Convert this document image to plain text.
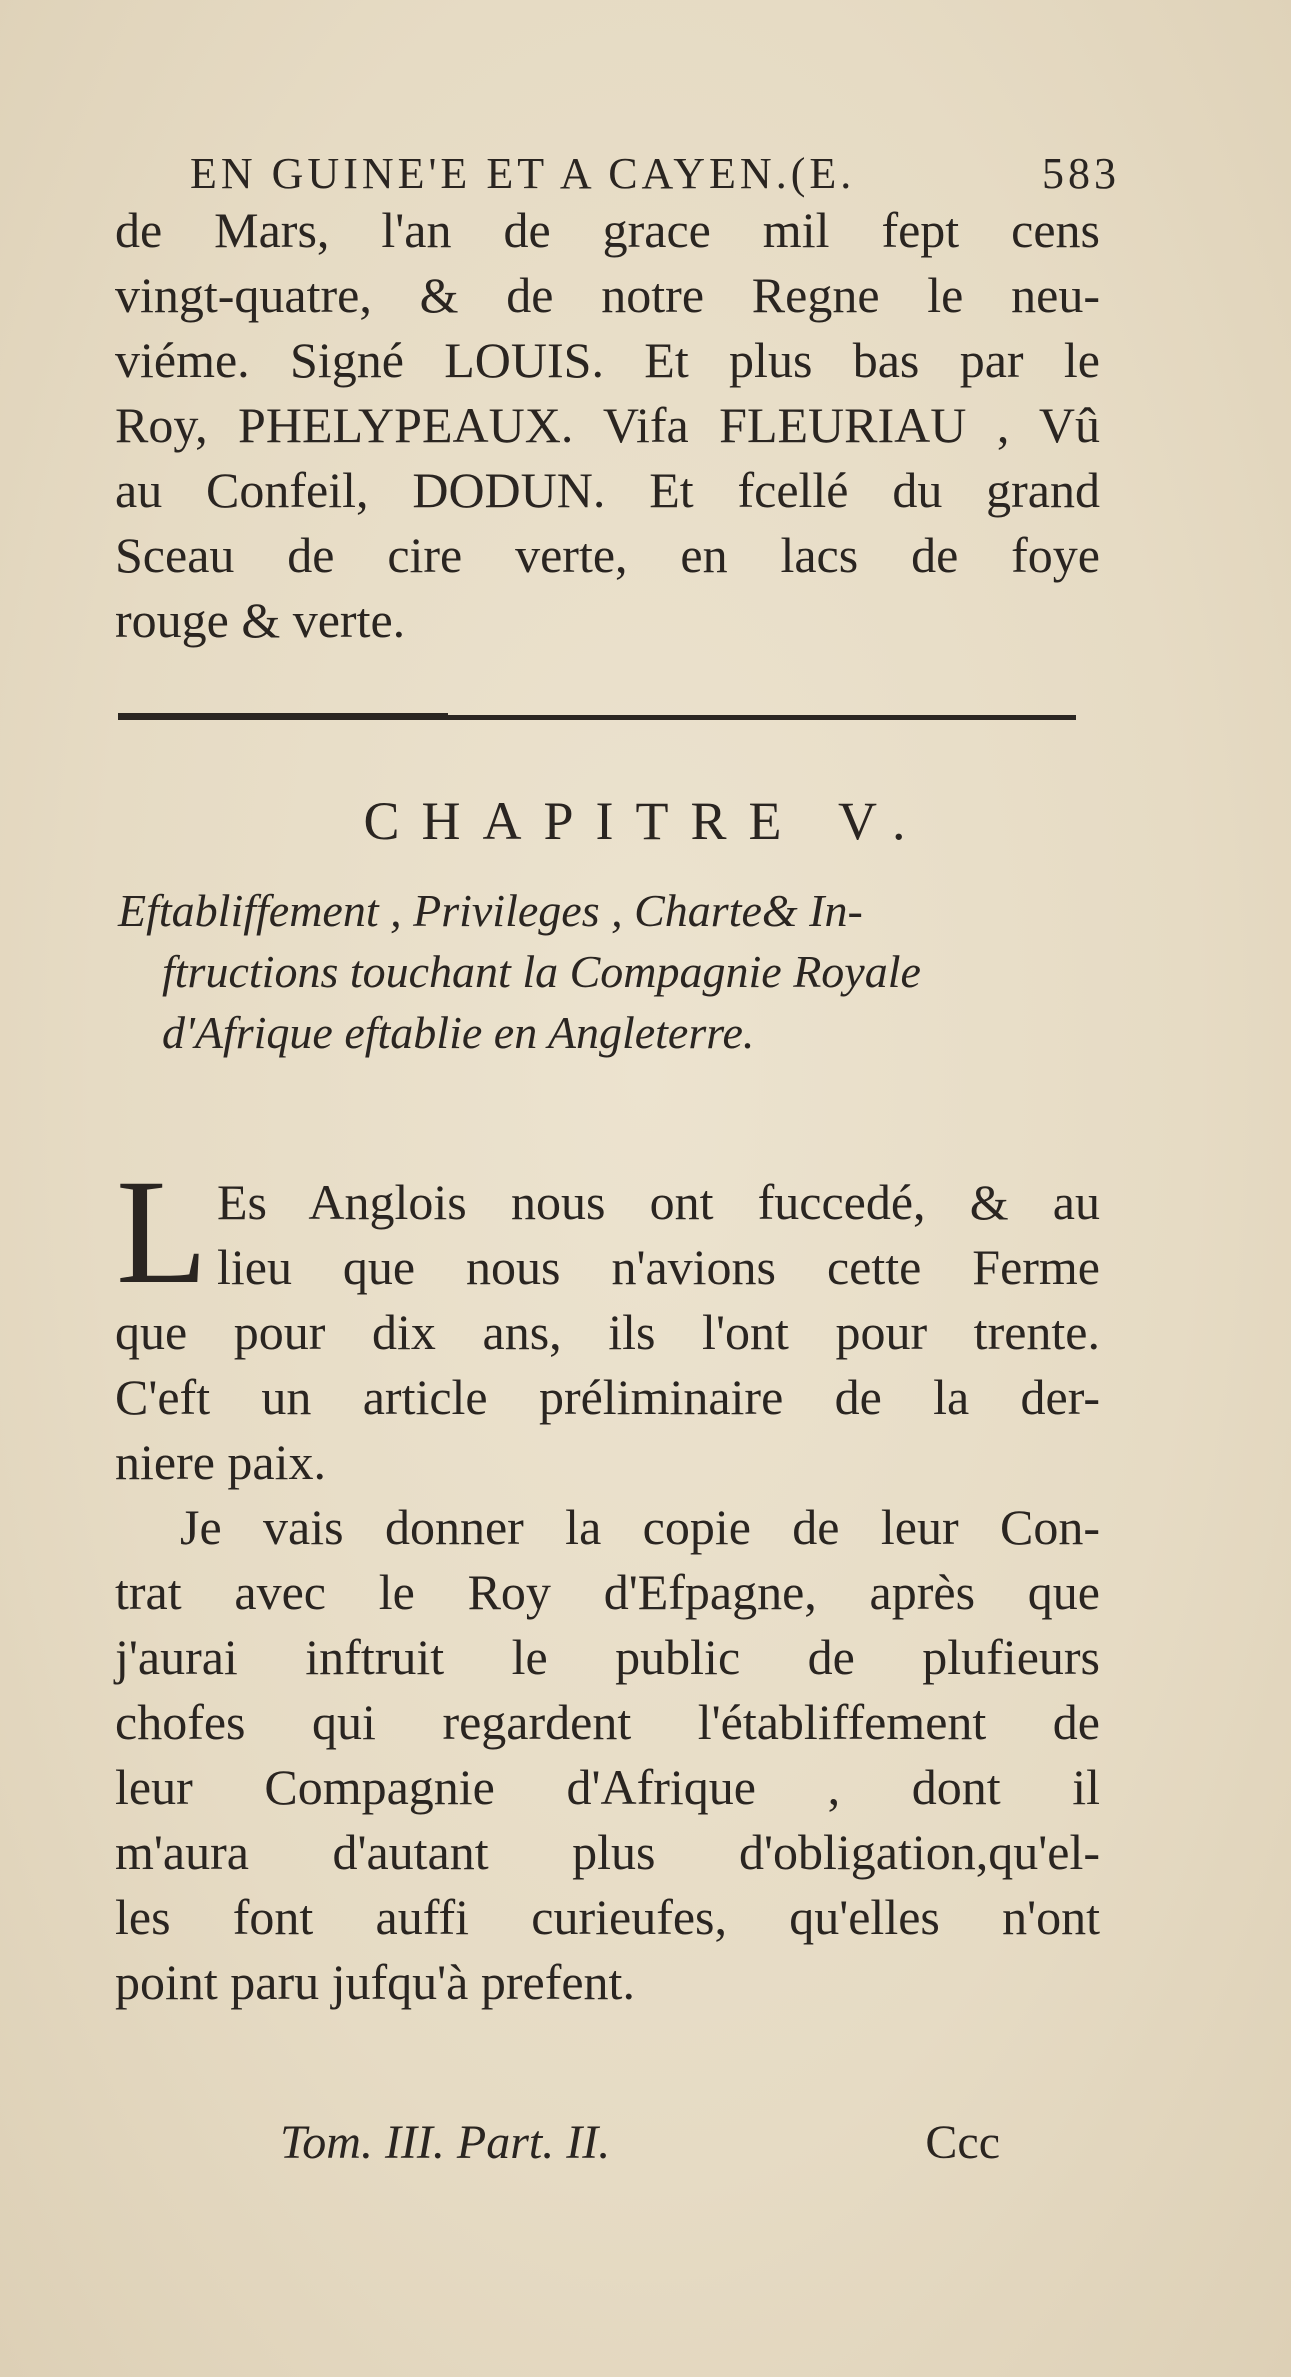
EN GUINE'E ET A CAYEN.(E.	583
de Mars, l'an de grace mil fept cens
vingt-quatre, & de notre Regne le neu-
viéme. Signé LOUIS. Et plus bas par le
Roy, PHELYPEAUX. Vifa FLEURIAU , Vû
au Confeil, DODUN. Et fcellé du grand
Sceau de cire verte, en lacs de foye
rouge & verte.
CHAPITRE V.
Eftabliffement , Privileges , Charte& In-
ftructions touchant la Compagnie Royale
d'Afrique eftablie en Angleterre.
L Es Anglois nous ont fuccedé, & au
lieu que nous n'avions cette Ferme
que pour dix ans, ils l'ont pour trente.
C'eft un article préliminaire de la der-
niere paix.
Je vais donner la copie de leur Con-
trat avec le Roy d'Efpagne, après que
j'aurai inftruit le public de plufieurs
chofes qui regardent l'établiffement de
leur Compagnie d'Afrique , dont il
m'aura d'autant plus d'obligation,qu'el-
les font auffi curieufes, qu'elles n'ont
point paru jufqu'à prefent.
Tom. III. Part. II.	Ccc
